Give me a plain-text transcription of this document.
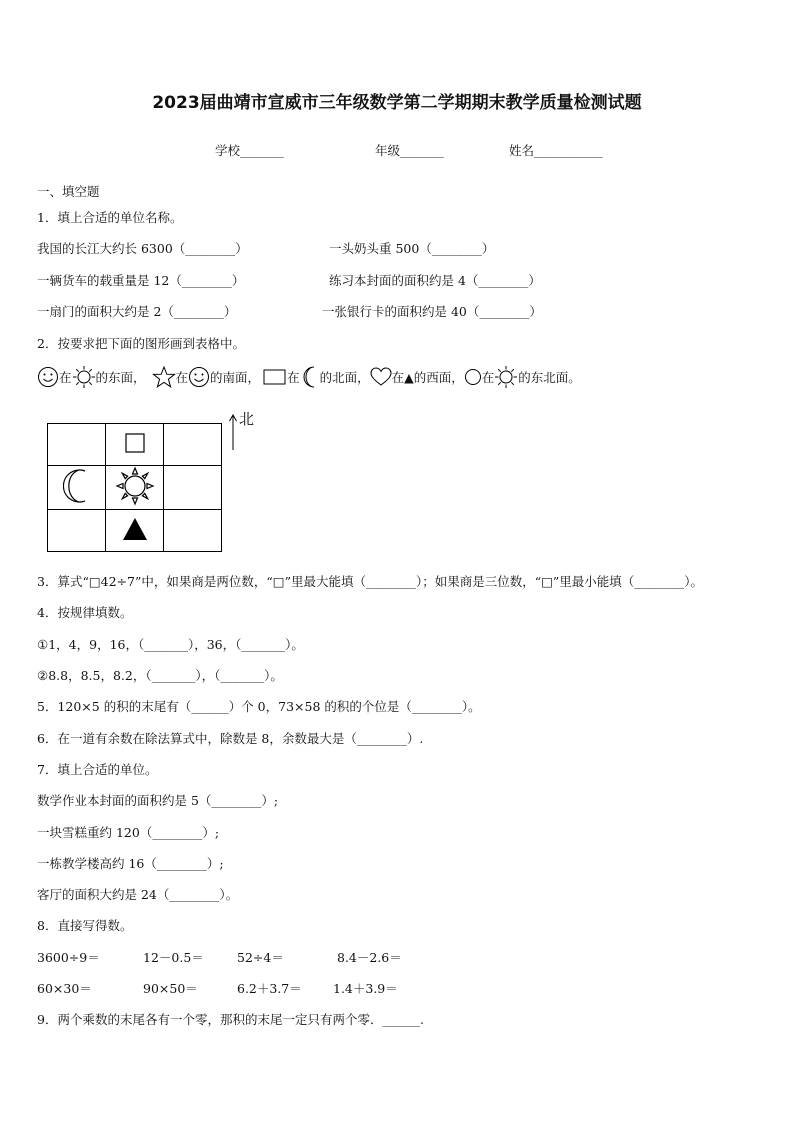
2023届曲靖市宣威市三年级数学第二学期期末教学质量检测试题
学校_______	年级_______	姓名___________
一、填空题
1．填上合适的单位名称。
我国的长江大约长 6300（________）	一头奶头重 500（________）
一辆货车的载重量是 12（________）	练习本封面的面积约是 4（________）
一扇门的面积大约是 2（________）	一张银行卡的面积约是 40（________）
2．按要求把下面的图形画到表格中。
在 的东面， 在 的南面， 在 的北面， 在▲的西面， 在 的东北面。

北
3．算式“□42÷7”中，如果商是两位数，“□”里最大能填（________）；如果商是三位数，“□”里最小能填（________）。
4．按规律填数。
①1，4，9，16，（_______），36，（_______）。
②8.8，8.5，8.2，（_______），（_______）。
5．120×5 的积的末尾有（______）个 0，73×58 的积的个位是（________）。
6．在一道有余数在除法算式中，除数是 8，余数最大是（________）.
7．填上合适的单位。
数学作业本封面的面积约是 5（________）;
一块雪糕重约 120（________）;
一栋教学楼高约 16（________）;
客厅的面积大约是 24（________）。
8．直接写得数。
3600÷9＝	12－0.5＝	52÷4＝	8.4－2.6＝
60×30＝	90×50＝	6.2＋3.7＝ 1.4＋3.9＝
9．两个乘数的末尾各有一个零，那积的末尾一定只有两个零．______.
